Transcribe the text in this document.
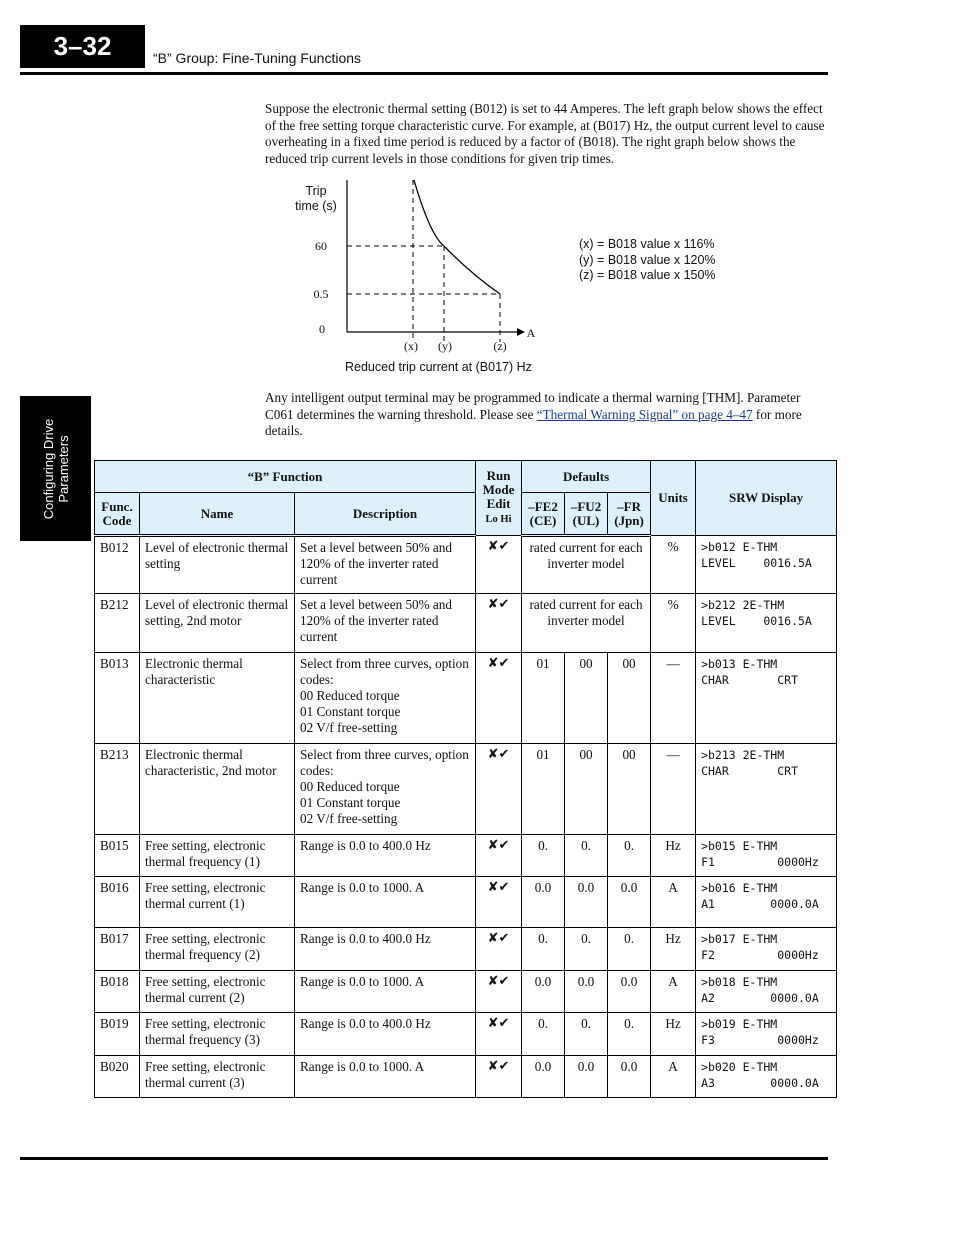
3–32	“B” Group: Fine-Tuning Functions
Configuring Drive Parameters
Suppose the electronic thermal setting (B012) is set to 44 Amperes. The left graph below shows the effect of the free setting torque characteristic curve. For example, at (B017) Hz, the output current level to cause overheating in a fixed time period is reduced by a factor of (B018). The right graph below shows the reduced trip current levels in those conditions for given trip times.
Trip
time (s)
60
0.5
0
(x) (y)	(z)
A
Reduced trip current at (B017) Hz
(x) = B018 value x 116%
(y) = B018 value x 120%
(z) = B018 value x 150%
Any intelligent output terminal may be programmed to indicate a thermal warning [THM]. Parameter C061 determines the warning threshold. Please see “Thermal Warning Signal” on page 4–47 for more details.
“B” Function			Run Mode Edit
Lo Hi	Defaults			Units	SRW Display
Func. Code	Name	Description		–FE2 (CE)	–FU2 (UL)	–FR (Jpn)		
B012	Level of electronic thermal setting	Set a level between 50% and 120% of the inverter rated current	✘✔	rated current for each inverter model			%	>b012 E-THM
LEVEL    0016.5A
B212	Level of electronic thermal setting, 2nd motor	Set a level between 50% and 120% of the inverter rated current	✘✔	rated current for each inverter model			%	>b212 2E-THM
LEVEL    0016.5A
B013	Electronic thermal characteristic	Select from three curves, option codes:
00 Reduced torque
01 Constant torque
02 V/f free-setting	✘✔	01	00	00	—	>b013 E-THM
CHAR       CRT
B213	Electronic thermal characteristic, 2nd motor	Select from three curves, option codes:
00 Reduced torque
01 Constant torque
02 V/f free-setting	✘✔	01	00	00	—	>b213 2E-THM
CHAR       CRT
B015	Free setting, electronic thermal frequency (1)	Range is 0.0 to 400.0 Hz	✘✔	0.	0.	0.	Hz	>b015 E-THM
F1         0000Hz
B016	Free setting, electronic thermal current (1)	Range is 0.0 to 1000. A	✘✔	0.0	0.0	0.0	A	>b016 E-THM
A1        0000.0A
B017	Free setting, electronic thermal frequency (2)	Range is 0.0 to 400.0 Hz	✘✔	0.	0.	0.	Hz	>b017 E-THM
F2         0000Hz
B018	Free setting, electronic thermal current (2)	Range is 0.0 to 1000. A	✘✔	0.0	0.0	0.0	A	>b018 E-THM
A2        0000.0A
B019	Free setting, electronic thermal frequency (3)	Range is 0.0 to 400.0 Hz	✘✔	0.	0.	0.	Hz	>b019 E-THM
F3         0000Hz
B020	Free setting, electronic thermal current (3)	Range is 0.0 to 1000. A	✘✔	0.0	0.0	0.0	A	>b020 E-THM
A3        0000.0A
